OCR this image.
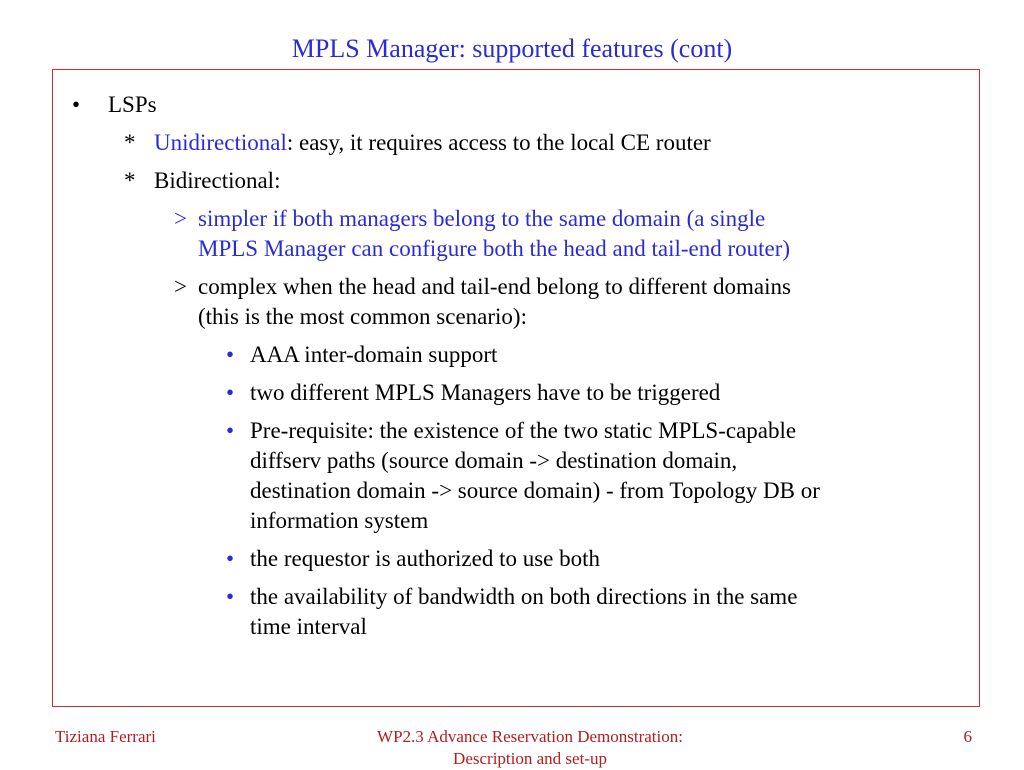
MPLS Manager: supported features (cont)
• LSPs
* Unidirectional: easy, it requires access to the local CE router
* Bidirectional:
> simpler if both managers belong to the same domain (a single
MPLS Manager can configure both the head and tail-end router)
> complex when the head and tail-end belong to different domains
(this is the most common scenario):
• AAA inter-domain support
• two different MPLS Managers have to be triggered
• Pre-requisite: the existence of the two static MPLS-capable
diffserv paths (source domain -> destination domain,
destination domain -> source domain) - from Topology DB or
information system
• the requestor is authorized to use both
• the availability of bandwidth on both directions in the same
time interval
Tiziana Ferrari	WP2.3 Advance Reservation Demonstration:
Description and set-up
6
